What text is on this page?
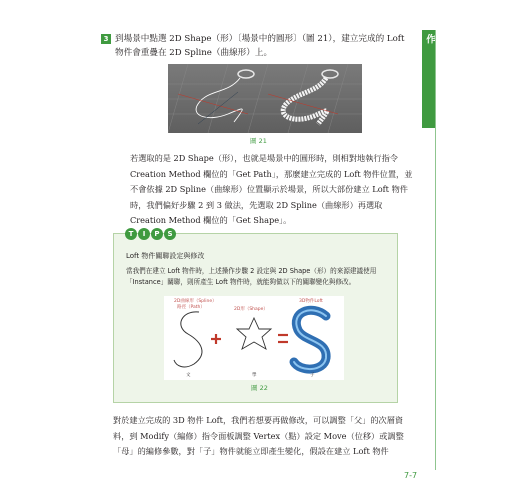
7-2 Loft 物件的製作
3 到場景中點選 2D Shape（形）〔場景中的圓形〕（圖 21），建立完成的 Loft 物件會重疊在 2D Spline（曲線形）上。
圖 21
若選取的是 2D Shape（形），也就是場景中的圓形時，則相對地執行指令 Creation Method 欄位的「Get Path」，那麼建立完成的 Loft 物件位置，並不會依據 2D Spline（曲線形）位置顯示於場景，所以大部份建立 Loft 物件時，我們偏好步驟 2 到 3 做法，先選取 2D Spline（曲線形）再選取 Creation Method 欄位的「Get Shape」。
T	I	P	S
Loft 物件關聯設定與修改
當我們在建立 Loft 物件時，上述操作步驟 2 設定與 2D Shape（形）的來源建議使用「Instance」關聯，則所產生 Loft 物件時，就能夠做以下的關聯變化與修改。
2D曲線形（Spline）
路徑（Path）	2D形（Shape）
3D物件Loft
文	學	子
圖 22
對於建立完成的 3D 物件 Loft，我們若想要再做修改，可以調整「父」的次層資料，到 Modify（編修）指令面板調整 Vertex（點）設定 Move（位移）或調整「母」的編修參數，對「子」物件就能立即產生變化，假設在建立 Loft 物件
7-7
